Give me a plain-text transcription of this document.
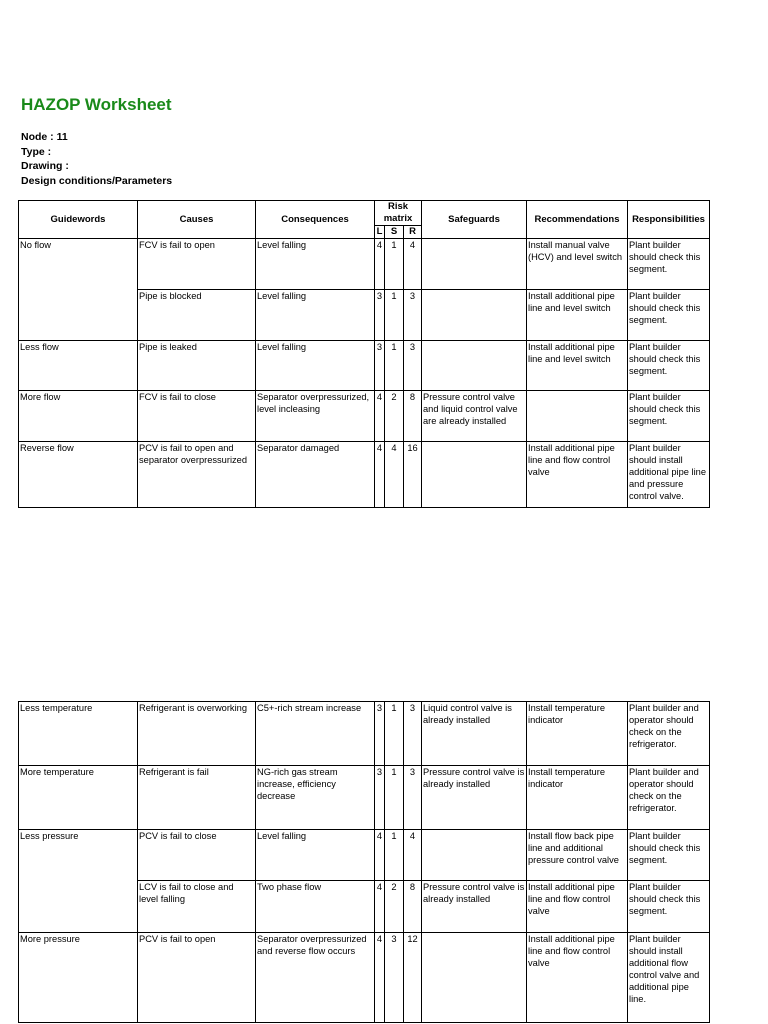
HAZOP Worksheet
Node : 11
Type :
Drawing :
Design conditions/Parameters
Guidewords	Causes	Consequences	Risk matrix			Safeguards	Recommendations	Responsibilities
			L	S	R			
No flow	FCV is fail to open	Level falling	4	1	4		Install manual valve (HCV) and level switch	Plant builder should check this segment.
	Pipe is blocked	Level falling	3	1	3		Install additional pipe line and level switch	Plant builder should check this segment.
Less flow	Pipe is leaked	Level falling	3	1	3		Install additional pipe line and level switch	Plant builder should check this segment.
More flow	FCV is fail to close	Separator overpressurized, level incleasing	4	2	8	Pressure control valve and liquid control valve are already installed		Plant builder should check this segment.
Reverse flow	PCV is fail to open and separator overpressurized	Separator damaged	4	4	16		Install additional pipe line and flow control valve	Plant builder should install additional pipe line and pressure control valve.
Less temperature	Refrigerant is overworking	C5+-rich stream increase	3	1	3	Liquid control valve is already installed	Install temperature indicator	Plant builder and operator should check on the refrigerator.
More temperature	Refrigerant is fail	NG-rich gas stream increase, efficiency decrease	3	1	3	Pressure control valve is already installed	Install temperature indicator	Plant builder and operator should check on the refrigerator.
Less pressure	PCV is fail to close	Level falling	4	1	4		Install flow back pipe line and additional pressure control valve	Plant builder should check this segment.
	LCV is fail to close and level falling	Two phase flow	4	2	8	Pressure control valve is already installed	Install additional pipe line and flow control valve	Plant builder should check this segment.
More pressure	PCV is fail to open	Separator overpressurized and reverse flow occurs	4	3	12		Install additional pipe line and flow control valve	Plant builder should install additional flow control valve and additional pipe line.
